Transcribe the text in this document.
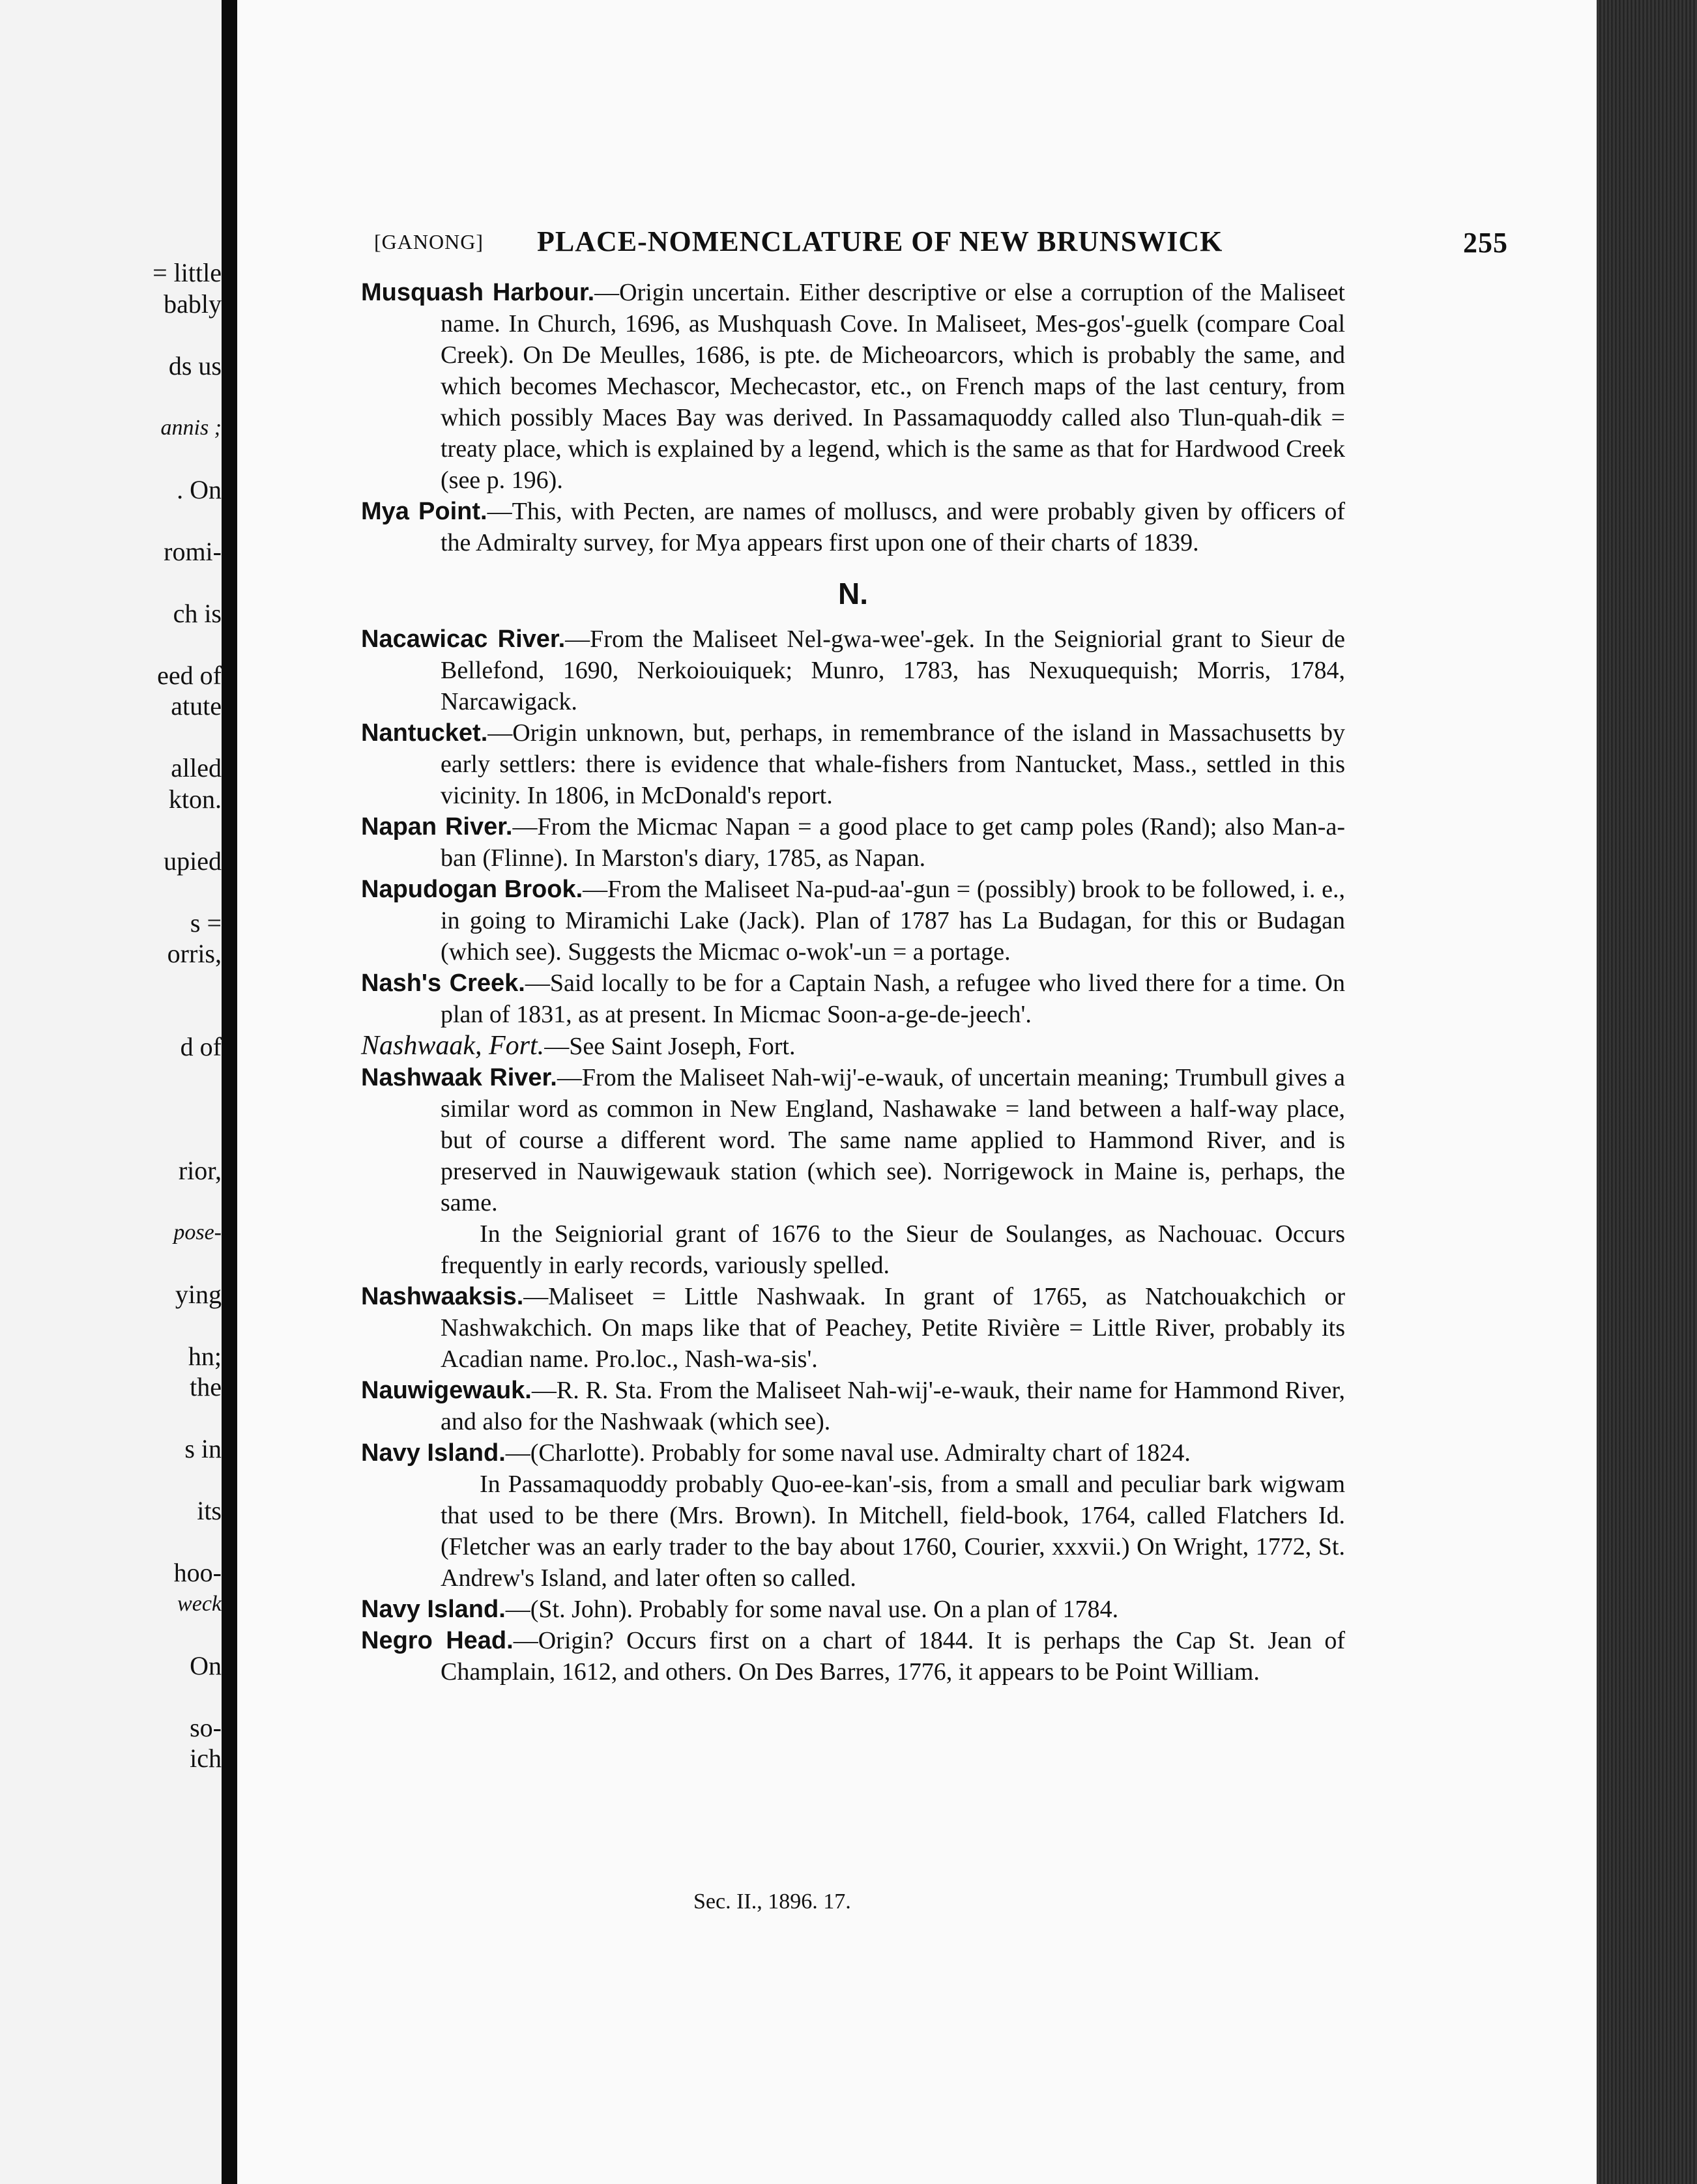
= little
bably

ds us

annis ;

. On

romi-

ch is

eed of
atute

alled
kton.

upied

s =
orris,

d of

rior,

pose-

ying

hn;
the

s in

its

hoo-
weck

On

so-
ich
[GANONG] PLACE-NOMENCLATURE OF NEW BRUNSWICK	255

Musquash Harbour.—Origin uncertain. Either descriptive or else a corruption of the Maliseet name. In Church, 1696, as Mushquash Cove. In Maliseet, Mes-gos'-guelk (compare Coal Creek). On De Meulles, 1686, is pte. de Micheoarcors, which is probably the same, and which becomes Mechascor, Mechecastor, etc., on French maps of the last century, from which possibly Maces Bay was derived. In Passamaquoddy called also Tlun-quah-dik = treaty place, which is explained by a legend, which is the same as that for Hardwood Creek (see p. 196).

Mya Point.—This, with Pecten, are names of molluscs, and were probably given by officers of the Admiralty survey, for Mya appears first upon one of their charts of 1839.

N.

Nacawicac River.—From the Maliseet Nel-gwa-wee'-gek. In the Seigniorial grant to Sieur de Bellefond, 1690, Nerkoiouiquek; Munro, 1783, has Nexuquequish; Morris, 1784, Narcawigack.

Nantucket.—Origin unknown, but, perhaps, in remembrance of the island in Massachusetts by early settlers: there is evidence that whale-fishers from Nantucket, Mass., settled in this vicinity. In 1806, in McDonald's report.

Napan River.—From the Micmac Napan = a good place to get camp poles (Rand); also Man-a-ban (Flinne). In Marston's diary, 1785, as Napan.

Napudogan Brook.—From the Maliseet Na-pud-aa'-gun = (possibly) brook to be followed, i. e., in going to Miramichi Lake (Jack). Plan of 1787 has La Budagan, for this or Budagan (which see). Suggests the Micmac o-wok'-un = a portage.

Nash's Creek.—Said locally to be for a Captain Nash, a refugee who lived there for a time. On plan of 1831, as at present. In Micmac Soon-a-ge-de-jeech'.

Nashwaak, Fort.—See Saint Joseph, Fort.

Nashwaak River.—From the Maliseet Nah-wij'-e-wauk, of uncertain meaning; Trumbull gives a similar word as common in New England, Nashawake = land between a half-way place, but of course a different word. The same name applied to Hammond River, and is preserved in Nauwigewauk station (which see). Norrigewock in Maine is, perhaps, the same.

In the Seigniorial grant of 1676 to the Sieur de Soulanges, as Nachouac. Occurs frequently in early records, variously spelled.

Nashwaaksis.—Maliseet = Little Nashwaak. In grant of 1765, as Natchouakchich or Nashwakchich. On maps like that of Peachey, Petite Rivière = Little River, probably its Acadian name. Pro.loc., Nash-wa-sis'.

Nauwigewauk.—R. R. Sta. From the Maliseet Nah-wij'-e-wauk, their name for Hammond River, and also for the Nashwaak (which see).

Navy Island.—(Charlotte). Probably for some naval use. Admiralty chart of 1824.

In Passamaquoddy probably Quo-ee-kan'-sis, from a small and peculiar bark wigwam that used to be there (Mrs. Brown). In Mitchell, field-book, 1764, called Flatchers Id. (Fletcher was an early trader to the bay about 1760, Courier, xxxvii.) On Wright, 1772, St. Andrew's Island, and later often so called.

Navy Island.—(St. John). Probably for some naval use. On a plan of 1784.

Negro Head.—Origin? Occurs first on a chart of 1844. It is perhaps the Cap St. Jean of Champlain, 1612, and others. On Des Barres, 1776, it appears to be Point William.

Sec. II., 1896. 17.
